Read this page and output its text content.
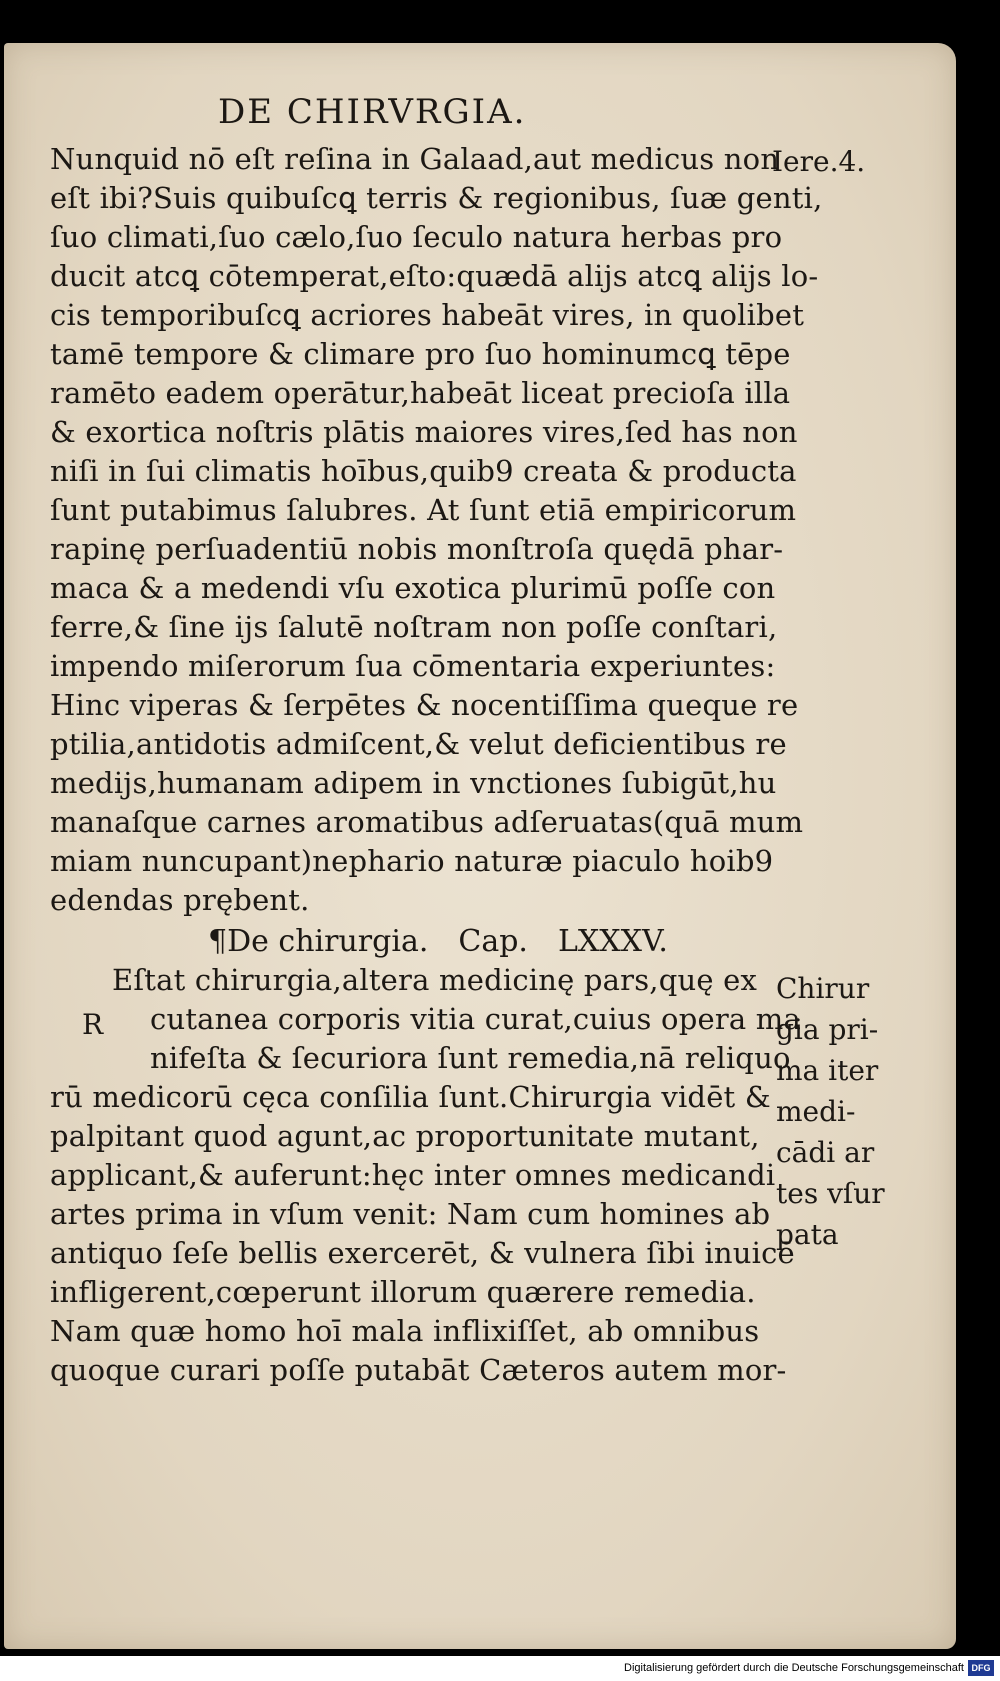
DE CHIRVRGIA.
Iere.4.
Nunquid nō eſt reſina in Galaad,aut medicus non
eſt ibi?Suis quibuſcꝗ terris & regionibus, ſuæ genti,
ſuo climati,ſuo cælo,ſuo ſeculo natura herbas pro
ducit atcꝗ cōtemperat,eſto:quædā alijs atcꝗ alijs lo-
cis temporibuſcꝗ acriores habeāt vires, in quolibet
tamē tempore & climare pro ſuo hominumcꝗ tēpe
ramēto eadem operātur,habeāt liceat precioſa illa
& exortica noſtris plātis maiores vires,ſed has non
niſi in ſui climatis hoībus,quib9 creata & producta
ſunt putabimus ſalubres. At ſunt etiā empiricorum
rapinę perſuadentiū nobis monſtroſa quędā phar-
maca & a medendi vſu exotica plurimū poſſe con
ferre,& ſine ijs ſalutē noſtram non poſſe conſtari,
impendo miſerorum ſua cōmentaria experiuntes:
Hinc viperas & ſerpētes & nocentiſſima queque re
ptilia,antidotis admiſcent,& velut deficientibus re
medijs,humanam adipem in vnctiones ſubigūt,hu
manaſque carnes aromatibus adſeruatas(quā mum
miam nuncupant)nephario naturæ piaculo hoib9
edendas prębent.
¶De chirurgia. Cap. LXXXV.
Eſtat chirurgia,altera medicinę pars,quę ex
cutanea corporis vitia curat,cuius opera ma
nifeſta & ſecuriora ſunt remedia,nā reliquo
rū medicorū cęca conſilia ſunt.Chirurgia vidēt &
palpitant quod agunt,ac proportunitate mutant,
applicant,& auferunt:hęc inter omnes medicandi
artes prima in vſum venit: Nam cum homines ab
antiquo ſeſe bellis exercerēt, & vulnera ſibi inuicē
infligerent,cœperunt illorum quærere remedia.
Nam quæ homo hoī mala inflixiſſet, ab omnibus
quoque curari poſſe putabāt Cæteros autem mor-
R
Chirur
gia pri-
ma iter
medi-
cādi ar
tes vſur
pata
Digitalisierung gefördert durch die Deutsche Forschungsgemeinschaft DFG
